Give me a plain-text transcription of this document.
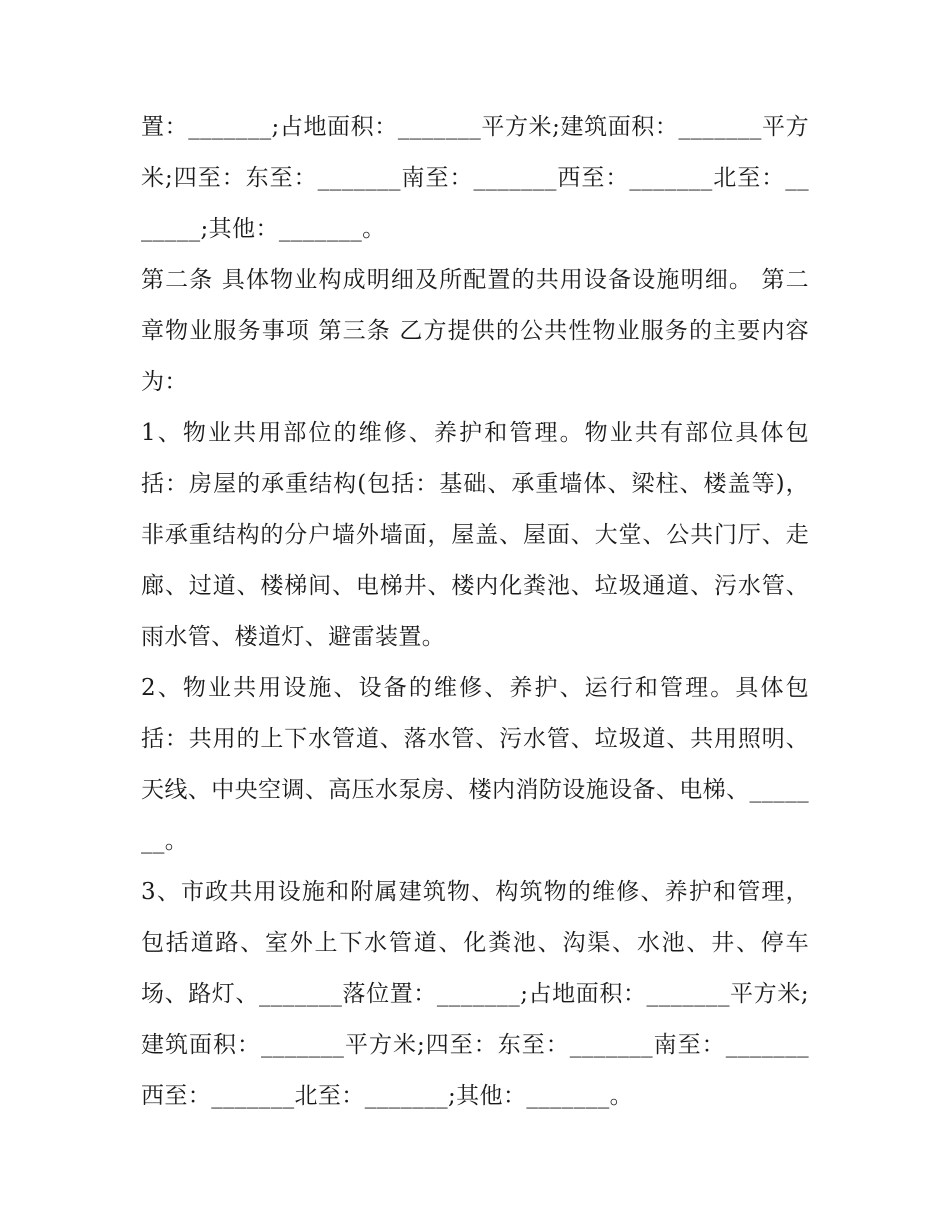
置：_______;占地面积：_______平方米;建筑面积：_______平方米;四至：东至：_______南至：_______西至：_______北至：_______;其他：_______。

第二条 具体物业构成明细及所配置的共用设备设施明细。 第二章物业服务事项 第三条 乙方提供的公共性物业服务的主要内容为：

1、物业共用部位的维修、养护和管理。物业共有部位具体包括：房屋的承重结构(包括：基础、承重墙体、梁柱、楼盖等)，非承重结构的分户墙外墙面，屋盖、屋面、大堂、公共门厅、走廊、过道、楼梯间、电梯井、楼内化粪池、垃圾通道、污水管、雨水管、楼道灯、避雷装置。

2、物业共用设施、设备的维修、养护、运行和管理。具体包括：共用的上下水管道、落水管、污水管、垃圾道、共用照明、天线、中央空调、高压水泵房、楼内消防设施设备、电梯、_______。

3、市政共用设施和附属建筑物、构筑物的维修、养护和管理，包括道路、室外上下水管道、化粪池、沟渠、水池、井、停车场、路灯、_______落位置：_______;占地面积：_______平方米;建筑面积：_______平方米;四至：东至：_______南至：_______西至：_______北至：_______;其他：_______。
